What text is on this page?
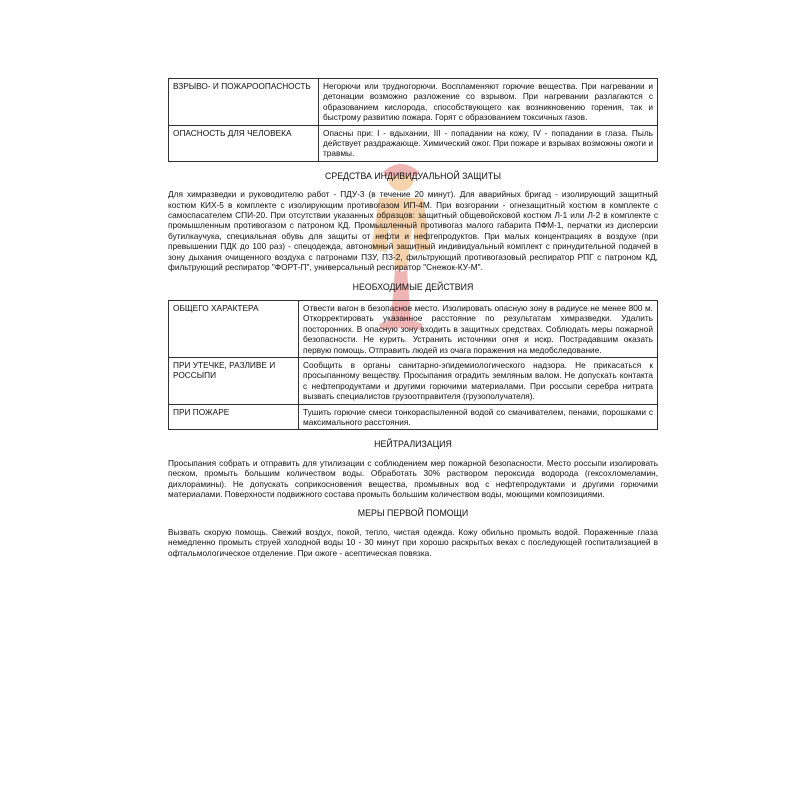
ВЗРЫВО- И ПОЖАРООПАСНОСТЬ	Негорючи или трудногорючи. Воспламеняют горючие вещества. При нагревании и детонации возможно разложение со взрывом. При нагревании разлагаются с образованием кислорода, способствующего как возникновению горения, так и быстрому развитию пожара. Горят с образованием токсичных газов.
ОПАСНОСТЬ ДЛЯ ЧЕЛОВЕКА	Опасны при: I - вдыхании, III - попадании на кожу, IV - попадании в глаза. Пыль действует раздражающе. Химический ожог. При пожаре и взрывах возможны ожоги и травмы.
СРЕДСТВА ИНДИВИДУАЛЬНОЙ ЗАЩИТЫ

Для химразведки и руководителю работ - ПДУ-3 (в течение 20 минут). Для аварийных бригад - изолирующий защитный костюм КИХ-5 в комплекте с изолирующим противогазом ИП-4М. При возгорании - огнезащитный костюм в комплекте с самоспасателем СПИ-20. При отсутствии указанных образцов: защитный общевойсковой костюм Л-1 или Л-2 в комплекте с промышленным противогазом с патроном КД. Промышленный противогаз малого габарита ПФМ-1, перчатки из дисперсии бутилкаучука, специальная обувь для защиты от нефти и нефтепродуктов. При малых концентрациях в воздухе (при превышении ПДК до 100 раз) - спецодежда, автономный защитный индивидуальный комплект с принудительной подачей в зону дыхания очищенного воздуха с патронами ПЗУ, ПЗ-2, фильтрующий противогазовый респиратор РПГ с патроном КД, фильтрующий респиратор "ФОРТ-П", универсальный респиратор "Снежок-КУ-М".

НЕОБХОДИМЫЕ ДЕЙСТВИЯ
ОБЩЕГО ХАРАКТЕРА	Отвести вагон в безопасное место. Изолировать опасную зону в радиусе не менее 800 м. Откорректировать указанное расстояние по результатам химразведки. Удалить посторонних. В опасную зону входить в защитных средствах. Соблюдать меры пожарной безопасности. Не курить. Устранить источники огня и искр. Пострадавшим оказать первую помощь. Отправить людей из очага поражения на медобследование.
ПРИ УТЕЧКЕ, РАЗЛИВЕ И РОССЫПИ	Сообщить в органы санитарно-эпидемиологического надзора. Не прикасаться к просыпанному веществу. Просыпания оградить земляным валом. Не допускать контакта с нефтепродуктами и другими горючими материалами. При россыпи серебра нитрата вызвать специалистов грузоотправителя (грузополучателя).
ПРИ ПОЖАРЕ	Тушить горючие смеси тонкораспыленной водой со смачивателем, пенами, порошками с максимального расстояния.
НЕЙТРАЛИЗАЦИЯ

Просыпания собрать и отправить для утилизации с соблюдением мер пожарной безопасности. Место россыпи изолировать песком, промыть большим количеством воды. Обработать 30% раствором пероксида водорода (гексохломеламин, дихлорамины). Не допускать соприкосновения вещества, промывных вод с нефтепродуктами и другими горючими материалами. Поверхности подвижного состава промыть большим количеством воды, моющими композициями.

МЕРЫ ПЕРВОЙ ПОМОЩИ

Вызвать скорую помощь. Свежий воздух, покой, тепло, чистая одежда. Кожу обильно промыть водой. Пораженные глаза немедленно промыть струей холодной воды 10 - 30 минут при хорошо раскрытых веках с последующей госпитализацией в офтальмологическое отделение. При ожоге - асептическая повязка.
